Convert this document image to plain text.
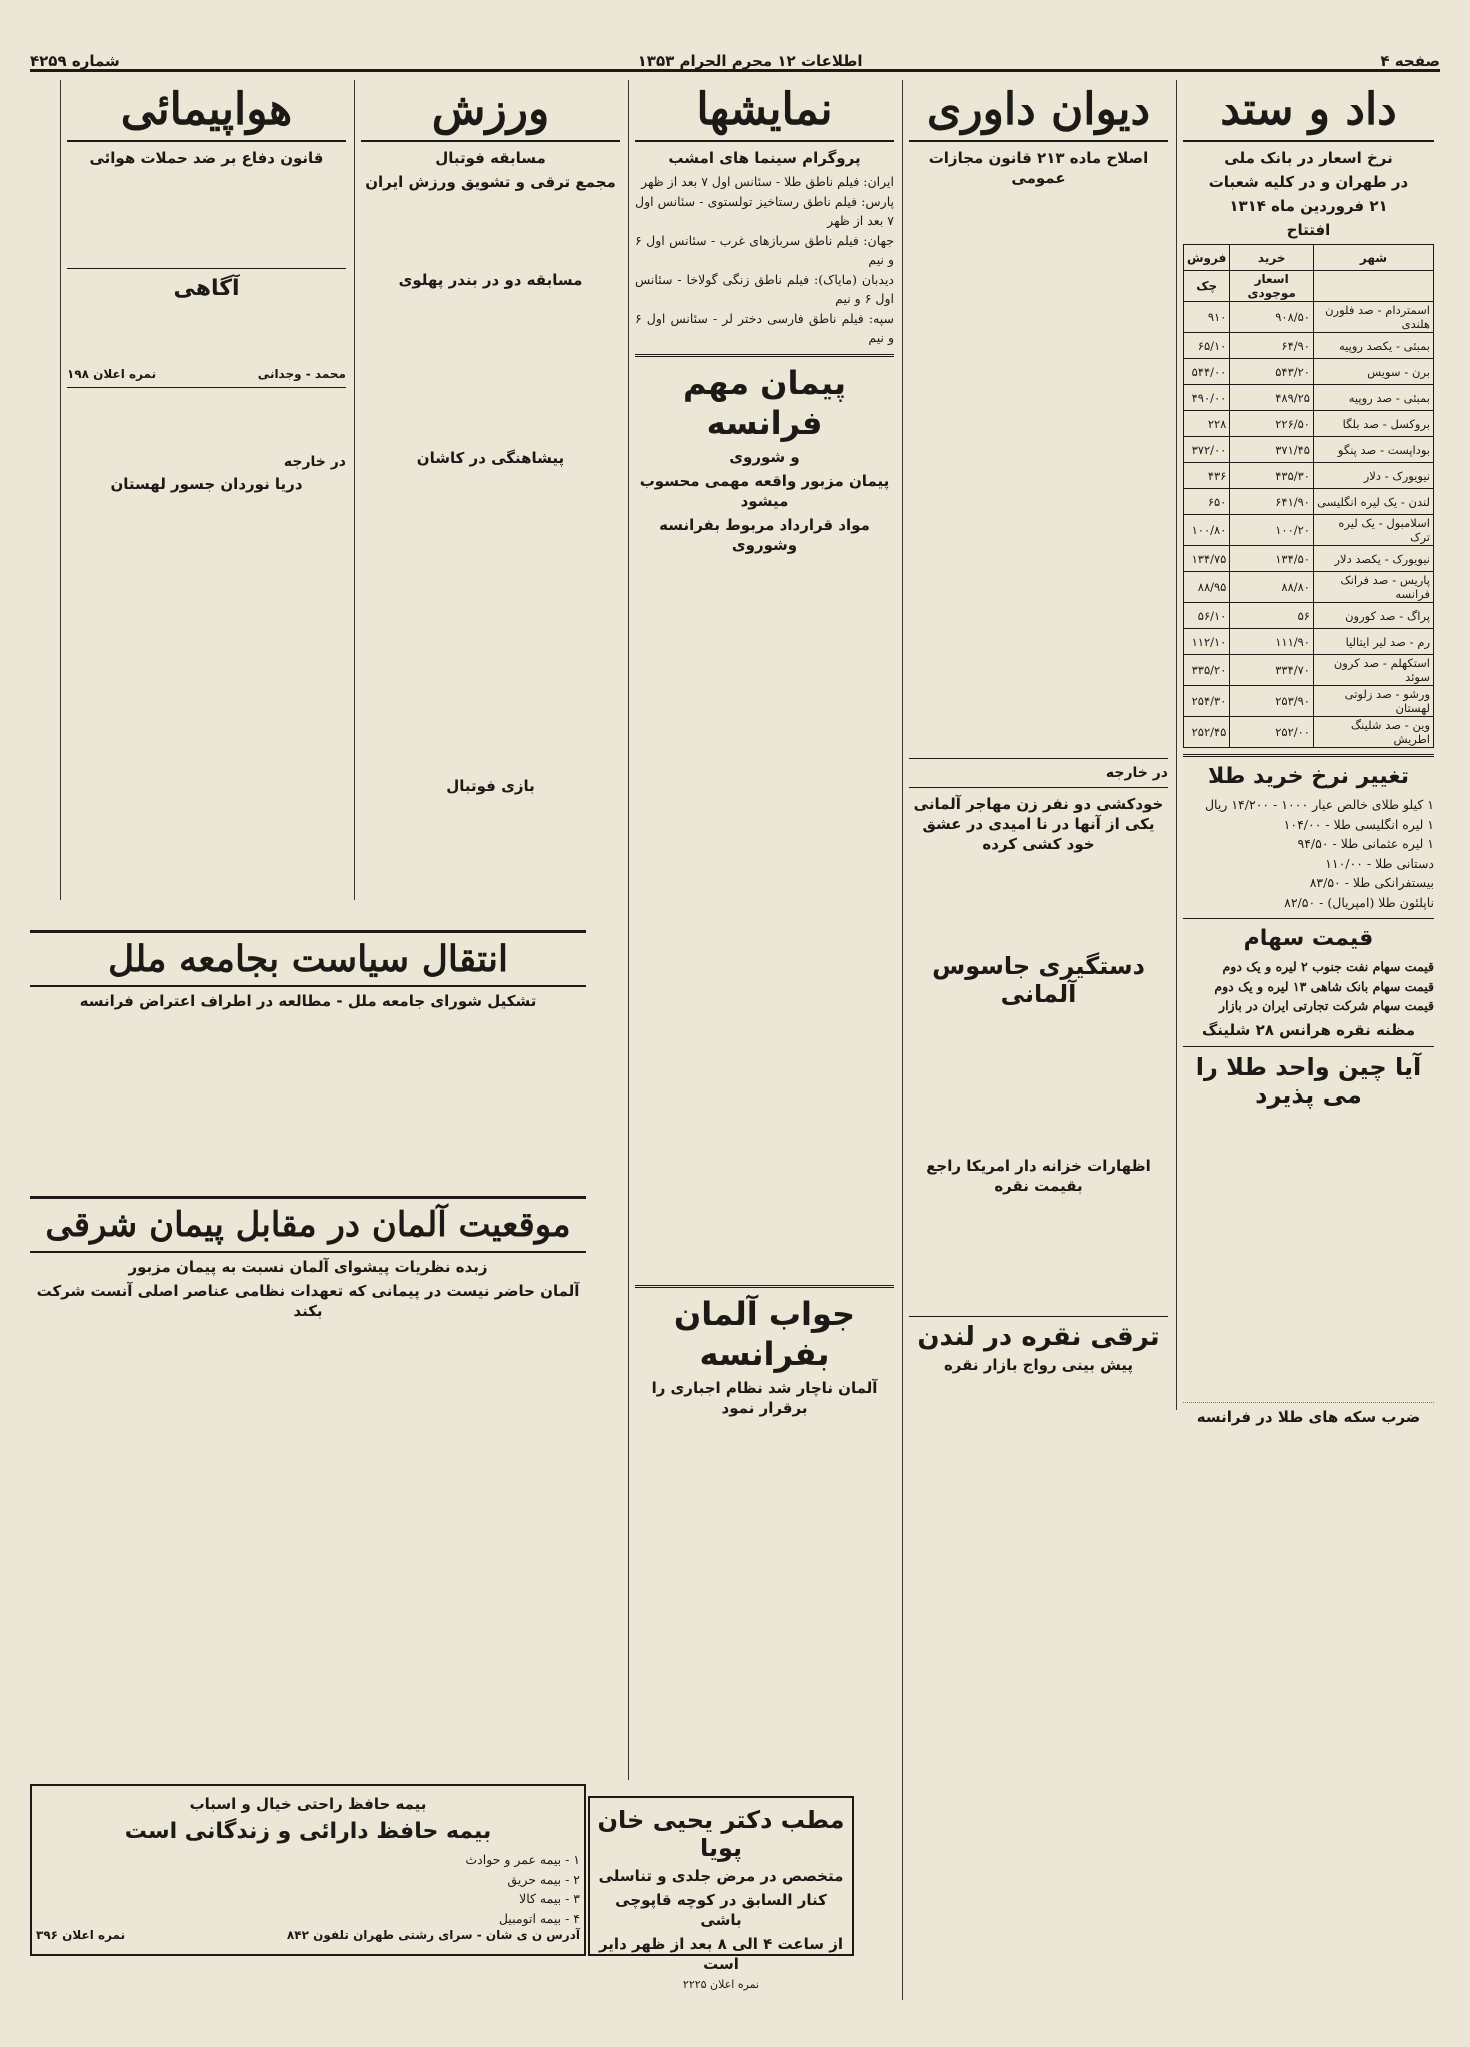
صفحه ۴
اطلاعات ۱۲ محرم الحرام ۱۳۵۳
شماره ۴۲۵۹
داد و ستد
نرخ اسعار در بانک ملی
در طهران و در کلیه شعبات
۲۱ فروردین ماه ۱۳۱۴
افتتاح
شهر	خرید	فروش
	اسعار موجودی	چک
اسمتردام - صد فلورن هلندی	۹۰۸/۵۰	۹۱۰
بمبئی - یکصد روپیه	۶۴/۹۰	۶۵/۱۰
برن - سویس	۵۴۳/۲۰	۵۴۴/۰۰
بمبئی - صد روپیه	۴۸۹/۲۵	۴۹۰/۰۰
بروکسل - صد بلگا	۲۲۶/۵۰	۲۲۸
بوداپست - صد پنگو	۳۷۱/۴۵	۳۷۲/۰۰
نیویورک - دلار	۴۳۵/۳۰	۴۳۶
لندن - یک لیره انگلیسی	۶۴۱/۹۰	۶۵۰
اسلامبول - یک لیره ترک	۱۰۰/۲۰	۱۰۰/۸۰
نیویورک - یکصد دلار	۱۳۴/۵۰	۱۳۴/۷۵
پاریس - صد فرانک فرانسه	۸۸/۸۰	۸۸/۹۵
پراگ - صد کورون	۵۶	۵۶/۱۰
رم - صد لیر ایتالیا	۱۱۱/۹۰	۱۱۲/۱۰
استکهلم - صد کرون سوئد	۳۳۴/۷۰	۳۳۵/۲۰
ورشو - صد زلوتی لهستان	۲۵۳/۹۰	۲۵۴/۳۰
وین - صد شلینگ اطریش	۲۵۲/۰۰	۲۵۲/۴۵
تغییر نرخ خرید طلا
۱ کیلو طلای خالص عیار ۱۰۰۰ - ۱۴/۲۰۰ ریال
۱ لیره انگلیسی طلا - ۱۰۴/۰۰
۱ لیره عثمانی طلا - ۹۴/۵۰
دستانی طلا - ۱۱۰/۰۰
بیستفرانکی طلا - ۸۳/۵۰
ناپلئون طلا (امپریال) - ۸۲/۵۰
قیمت سهام
قیمت سهام نفت جنوب ۲ لیره و یک دوم
قیمت سهام بانک شاهی ۱۳ لیره و یک دوم
قیمت سهام شرکت تجارتی ایران در بازار
مظنه نقره هرانس ۲۸ شلینگ
آیا چین واحد طلا را می پذیرد
ضرب سکه های طلا در فرانسه
دیوان داوری
اصلاح ماده ۲۱۳ قانون مجازات عمومی
در خارجه
خودکشی دو نفر زن مهاجر آلمانی یکی از آنها در نا امیدی در عشق خود کشی کرده
دستگیری جاسوس آلمانی
اظهارات خزانه دار امریکا راجع بقیمت نقره
ترقی نقره در لندن
پیش بینی رواج بازار نقره
مطب دکتر یحیی خان پویا
متخصص در مرض جلدی و تناسلی
کنار السابق در کوچه قاپوچی باشی
از ساعت ۴ الی ۸ بعد از ظهر دایر است
نمره اعلان ۲۲۲۵
نمایشها
پروگرام سینما های امشب
ایران: فیلم ناطق طلا - سئانس اول ۷ بعد از ظهر
پارس: فیلم ناطق رستاخیز تولستوی - سئانس اول ۷ بعد از ظهر
جهان: فیلم ناطق سربازهای غرب - سئانس اول ۶ و نیم
دیدبان (مایاک): فیلم ناطق زنگی گولاخا - سئانس اول ۶ و نیم
سپه: فیلم ناطق فارسی دختر لر - سئانس اول ۶ و نیم
پیمان مهم فرانسه
و شوروی
پیمان مزبور واقعه مهمی محسوب میشود
مواد قرارداد مربوط بفرانسه وشوروی
جواب آلمان بفرانسه
آلمان ناچار شد نظام اجباری را برقرار نمود
ورزش
مسابقه فوتبال
مجمع ترقی و تشویق ورزش ایران
مسابقه دو در بندر پهلوی
پیشاهنگی در کاشان
بازی فوتبال
هواپیمائی
قانون دفاع بر ضد حملات هوائی
آگاهی
محمد - وجدانی
نمره اعلان ۱۹۸
در خارجه
دریا نوردان جسور لهستان
انتقال سیاست بجامعه ملل
تشکیل شورای جامعه ملل - مطالعه در اطراف اعتراض فرانسه
موقعیت آلمان در مقابل پیمان شرقی
زبده نظریات پیشوای آلمان نسبت به پیمان مزبور
آلمان حاضر نیست در پیمانی که تعهدات نظامی عناصر اصلی آنست شرکت بکند
بیمه حافظ راحتی خیال و اسباب
بیمه حافظ دارائی و زندگانی است
۱ - بیمه عمر و حوادث
۲ - بیمه حریق
۳ - بیمه کالا
۴ - بیمه اتومبیل
آدرس ن ی شان - سرای رشتی طهران تلفون ۸۴۲
نمره اعلان ۳۹۶
